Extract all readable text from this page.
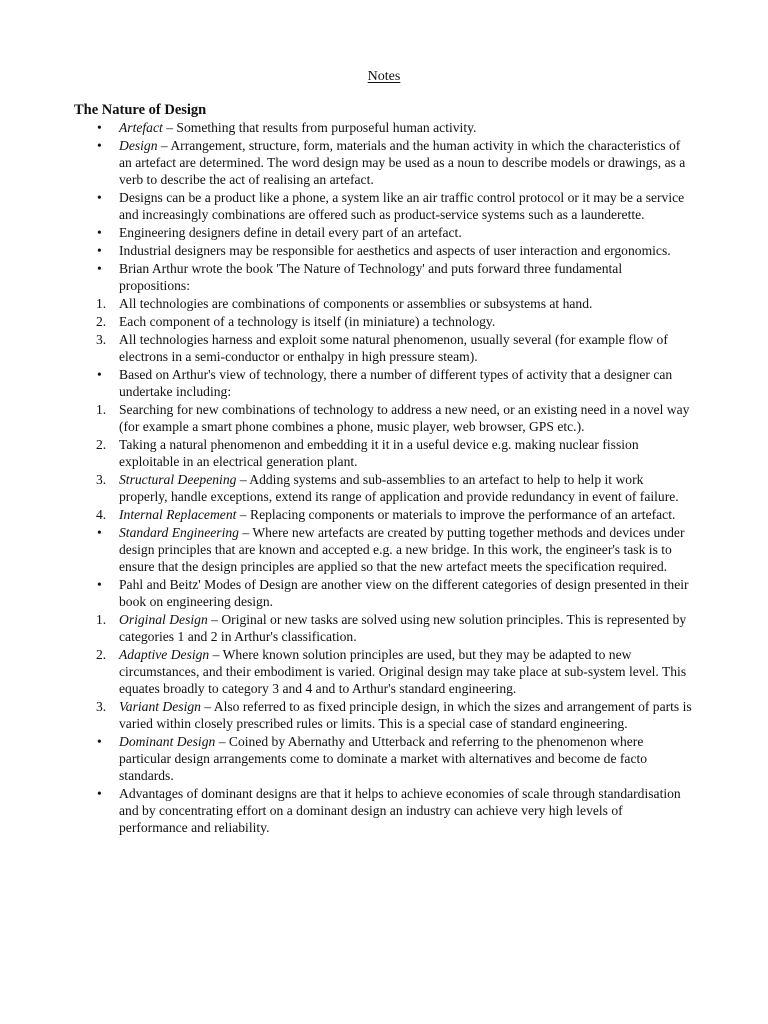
Notes
The Nature of Design
•	Artefact – Something that results from purposeful human activity.
•	Design – Arrangement, structure, form, materials and the human activity in which the characteristics of an artefact are determined. The word design may be used as a noun to describe models or drawings, as a verb to describe the act of realising an artefact.
•	Designs can be a product like a phone, a system like an air traffic control protocol or it may be a service and increasingly combinations are offered such as product-service systems such as a launderette.
•	Engineering designers define in detail every part of an artefact.
•	Industrial designers may be responsible for aesthetics and aspects of user interaction and ergonomics.
•	Brian Arthur wrote the book 'The Nature of Technology' and puts forward three fundamental propositions:
1. All technologies are combinations of components or assemblies or subsystems at hand.
2. Each component of a technology is itself (in miniature) a technology.
3. All technologies harness and exploit some natural phenomenon, usually several (for example flow of electrons in a semi-conductor or enthalpy in high pressure steam).
•	Based on Arthur's view of technology, there a number of different types of activity that a designer can undertake including:
1. Searching for new combinations of technology to address a new need, or an existing need in a novel way (for example a smart phone combines a phone, music player, web browser, GPS etc.).
2. Taking a natural phenomenon and embedding it it in a useful device e.g. making nuclear fission exploitable in an electrical generation plant.
3. Structural Deepening – Adding systems and sub-assemblies to an artefact to help to help it work properly, handle exceptions, extend its range of application and provide redundancy in event of failure.
4. Internal Replacement – Replacing components or materials to improve the performance of an artefact.
•	Standard Engineering – Where new artefacts are created by putting together methods and devices under design principles that are known and accepted e.g. a new bridge. In this work, the engineer's task is to ensure that the design principles are applied so that the new artefact meets the specification required.
•	Pahl and Beitz' Modes of Design are another view on the different categories of design presented in their book on engineering design.
1. Original Design – Original or new tasks are solved using new solution principles. This is represented by categories 1 and 2 in Arthur's classification.
2. Adaptive Design – Where known solution principles are used, but they may be adapted to new circumstances, and their embodiment is varied. Original design may take place at sub-system level. This equates broadly to category 3 and 4 and to Arthur's standard engineering.
3. Variant Design – Also referred to as fixed principle design, in which the sizes and arrangement of parts is varied within closely prescribed rules or limits. This is a special case of standard engineering.
•	Dominant Design – Coined by Abernathy and Utterback and referring to the phenomenon where particular design arrangements come to dominate a market with alternatives and become de facto standards.
•	Advantages of dominant designs are that it helps to achieve economies of scale through standardisation and by concentrating effort on a dominant design an industry can achieve very high levels of performance and reliability.
